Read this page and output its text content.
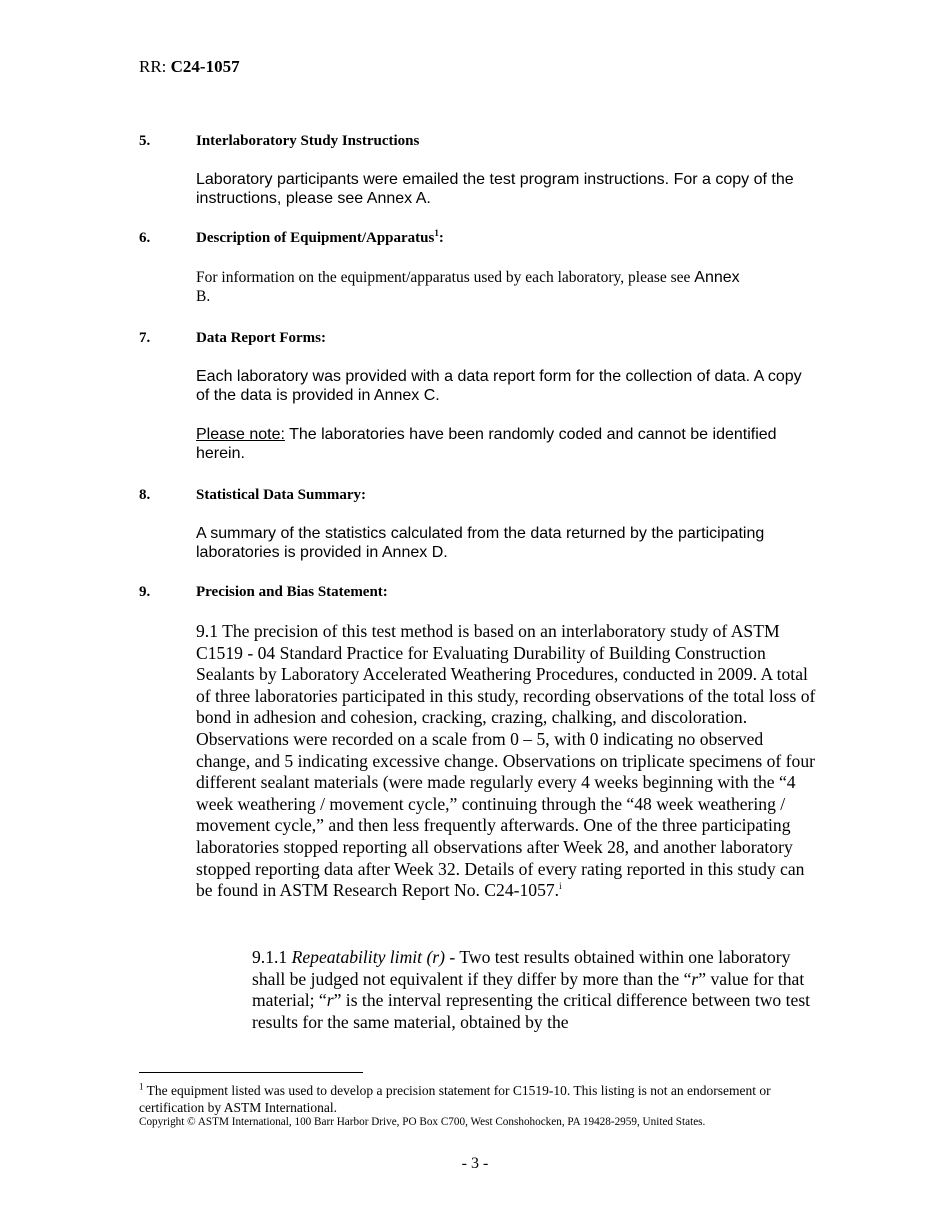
RR: C24-1057
5.	Interlaboratory Study Instructions
Laboratory participants were emailed the test program instructions. For a copy of the instructions, please see Annex A.
6.	Description of Equipment/Apparatus$^1$:
For information on the equipment/apparatus used by each laboratory, please see Annex
B.
7.	Data Report Forms:
Each laboratory was provided with a data report form for the collection of data. A copy of the data is provided in Annex C.
Please note: The laboratories have been randomly coded and cannot be identified herein.
8.	Statistical Data Summary:
A summary of the statistics calculated from the data returned by the participating laboratories is provided in Annex D.
9.	Precision and Bias Statement:
9.1 The precision of this test method is based on an interlaboratory study of ASTM C1519 - 04 Standard Practice for Evaluating Durability of Building Construction Sealants by Laboratory Accelerated Weathering Procedures, conducted in 2009. A total of three laboratories participated in this study, recording observations of the total loss of bond in adhesion and cohesion, cracking, crazing, chalking, and discoloration. Observations were recorded on a scale from 0 – 5, with 0 indicating no observed change, and 5 indicating excessive change. Observations on triplicate specimens of four different sealant materials (were made regularly every 4 weeks beginning with the “4 week weathering / movement cycle,” continuing through the “48 week weathering / movement cycle,” and then less frequently afterwards. One of the three participating laboratories stopped reporting all observations after Week 28, and another laboratory stopped reporting data after Week 32. Details of every rating reported in this study can be found in ASTM Research Report No. C24-1057.$^i$
9.1.1 Repeatability limit (r) - Two test results obtained within one laboratory shall be judged not equivalent if they differ by more than the “r” value for that material; “r” is the interval representing the critical difference between two test results for the same material, obtained by the
$^1$ The equipment listed was used to develop a precision statement for C1519-10. This listing is not an endorsement or certification by ASTM International.
Copyright © ASTM International, 100 Barr Harbor Drive, PO Box C700, West Conshohocken, PA 19428-2959, United States.
- 3 -
